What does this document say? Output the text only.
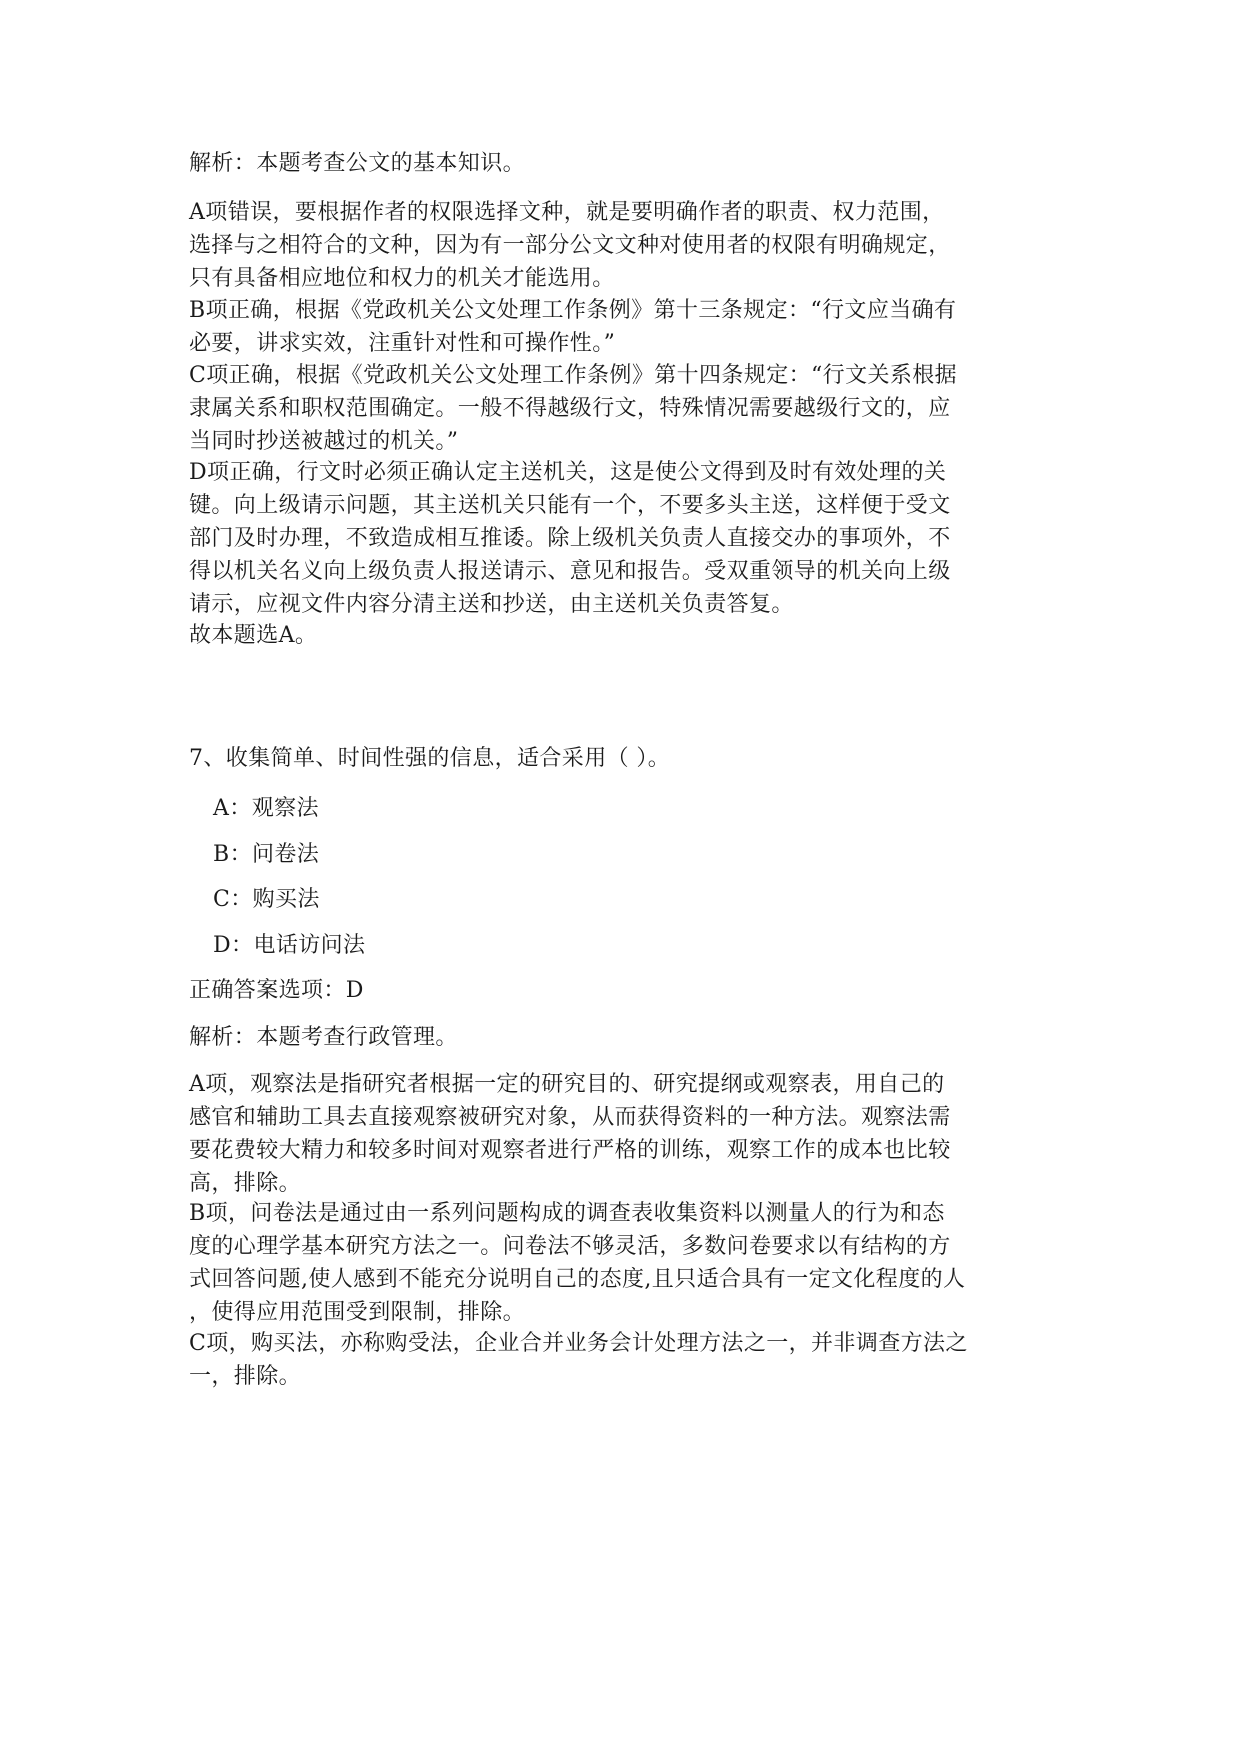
解析：本题考查公文的基本知识。

A项错误，要根据作者的权限选择文种，就是要明确作者的职责、权力范围，
选择与之相符合的文种，因为有一部分公文文种对使用者的权限有明确规定，
只有具备相应地位和权力的机关才能选用。

B项正确，根据《党政机关公文处理工作条例》第十三条规定：“行文应当确有
必要，讲求实效，注重针对性和可操作性。”

C项正确，根据《党政机关公文处理工作条例》第十四条规定：“行文关系根据
隶属关系和职权范围确定。一般不得越级行文，特殊情况需要越级行文的，应
当同时抄送被越过的机关。”

D项正确，行文时必须正确认定主送机关，这是使公文得到及时有效处理的关
键。向上级请示问题，其主送机关只能有一个，不要多头主送，这样便于受文
部门及时办理，不致造成相互推诿。除上级机关负责人直接交办的事项外，不
得以机关名义向上级负责人报送请示、意见和报告。受双重领导的机关向上级
请示，应视文件内容分清主送和抄送，由主送机关负责答复。

故本题选A。

7、收集简单、时间性强的信息，适合采用（ ）。

A：观察法

B：问卷法

C：购买法

D：电话访问法

正确答案选项：D

解析：本题考查行政管理。

A项，观察法是指研究者根据一定的研究目的、研究提纲或观察表，用自己的
感官和辅助工具去直接观察被研究对象，从而获得资料的一种方法。观察法需
要花费较大精力和较多时间对观察者进行严格的训练，观察工作的成本也比较
高，排除。

B项，问卷法是通过由一系列问题构成的调查表收集资料以测量人的行为和态
度的心理学基本研究方法之一。问卷法不够灵活，多数问卷要求以有结构的方
式回答问题,使人感到不能充分说明自己的态度,且只适合具有一定文化程度的人
，使得应用范围受到限制，排除。

C项，购买法，亦称购受法，企业合并业务会计处理方法之一，并非调查方法之
一，排除。
